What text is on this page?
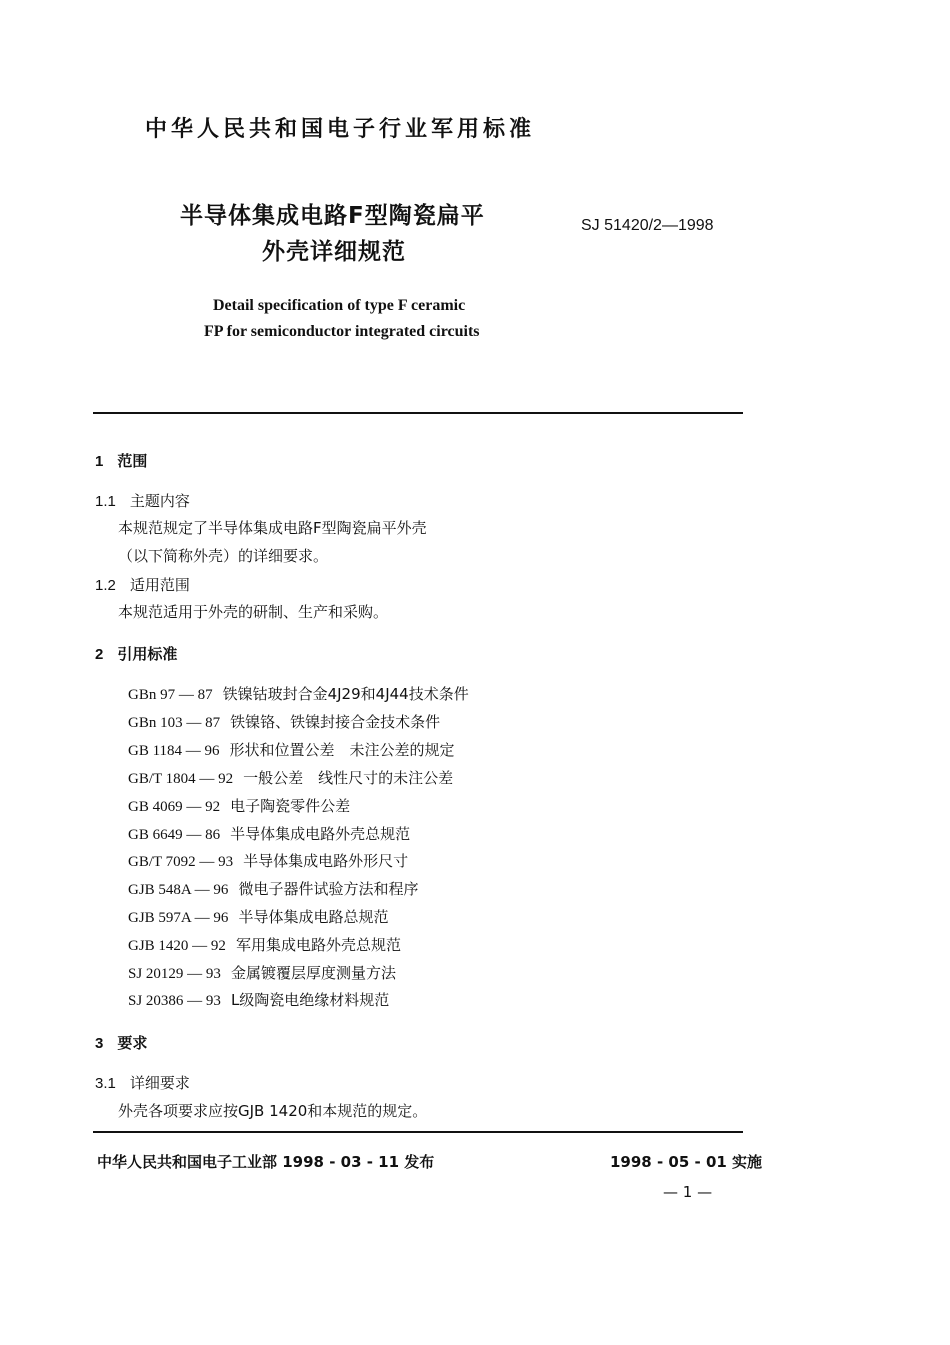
中华人民共和国电子行业军用标准
半导体集成电路F型陶瓷扁平
外壳详细规范
SJ 51420/2—1998
Detail specification of type F ceramic
FP for semiconductor integrated circuits
1 范围
1.1 主题内容
本规范规定了半导体集成电路F型陶瓷扁平外壳
（以下简称外壳）的详细要求。
1.2 适用范围
本规范适用于外壳的研制、生产和采购。
2 引用标准
GBn 97 — 87 铁镍钴玻封合金4J29和4J44技术条件
GBn 103 — 87 铁镍铬、铁镍封接合金技术条件
GB 1184 — 96 形状和位置公差　未注公差的规定
GB/T 1804 — 92 一般公差　线性尺寸的未注公差
GB 4069 — 92 电子陶瓷零件公差
GB 6649 — 86 半导体集成电路外壳总规范
GB/T 7092 — 93 半导体集成电路外形尺寸
GJB 548A — 96 微电子器件试验方法和程序
GJB 597A — 96 半导体集成电路总规范
GJB 1420 — 92 军用集成电路外壳总规范
SJ 20129 — 93 金属镀覆层厚度测量方法
SJ 20386 — 93 L级陶瓷电绝缘材料规范
3 要求
3.1 详细要求
外壳各项要求应按GJB 1420和本规范的规定。
中华人民共和国电子工业部 1998 - 03 - 11 发布	1998 - 05 - 01 实施
— 1 —
